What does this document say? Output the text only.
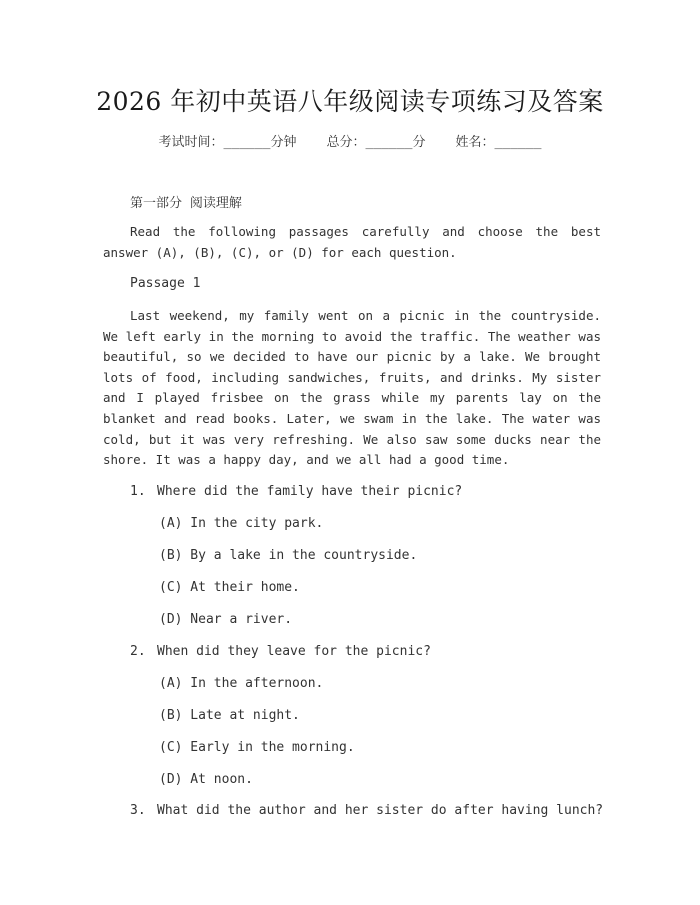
2026 年初中英语八年级阅读专项练习及答案
考试时间：______分钟 总分：______分 姓名：______
第一部分 阅读理解

Read the following passages carefully and choose the best answer (A), (B), (C), or (D) for each question.

Passage 1

Last weekend, my family went on a picnic in the countryside. We left early in the morning to avoid the traffic. The weather was beautiful, so we decided to have our picnic by a lake. We brought lots of food, including sandwiches, fruits, and drinks. My sister and I played frisbee on the grass while my parents lay on the blanket and read books. Later, we swam in the lake. The water was cold, but it was very refreshing. We also saw some ducks near the shore. It was a happy day, and we all had a good time.

1. Where did the family have their picnic?
(A) In the city park.
(B) By a lake in the countryside.
(C) At their home.
(D) Near a river.
2. When did they leave for the picnic?
(A) In the afternoon.
(B) Late at night.
(C) Early in the morning.
(D) At noon.
3. What did the author and her sister do after having lunch?
